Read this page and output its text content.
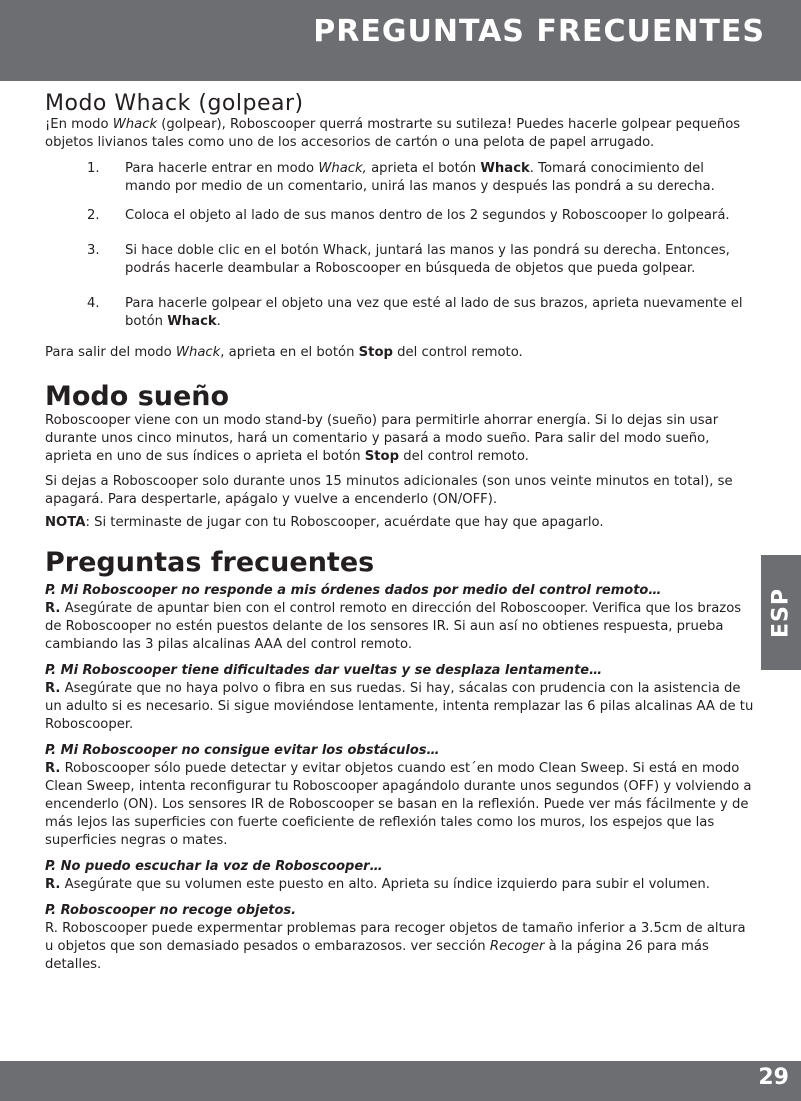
PREGUNTAS FRECUENTES
ESP
Modo Whack (golpear)

¡En modo Whack (golpear), Roboscooper querrá mostrarte su sutileza! Puedes hacerle golpear pequeños objetos livianos tales como uno de los accesorios de cartón o una pelota de papel arrugado.

1.	Para hacerle entrar en modo Whack, aprieta el botón Whack. Tomará conocimiento del mando por medio de un comentario, unirá las manos y después las pondrá a su derecha.
2.	Coloca el objeto al lado de sus manos dentro de los 2 segundos y Roboscooper lo golpeará.
3.	Si hace doble clic en el botón Whack, juntará las manos y las pondrá su derecha. Entonces, podrás hacerle deambular a Roboscooper en búsqueda de objetos que pueda golpear.
4.	Para hacerle golpear el objeto una vez que esté al lado de sus brazos, aprieta nuevamente el botón Whack.

Para salir del modo Whack, aprieta en el botón Stop del control remoto.

Modo sueño

Roboscooper viene con un modo stand-by (sueño) para permitirle ahorrar energía. Si lo dejas sin usar durante unos cinco minutos, hará un comentario y pasará a modo sueño. Para salir del modo sueño, aprieta en uno de sus índices o aprieta el botón Stop del control remoto.

Si dejas a Roboscooper solo durante unos 15 minutos adicionales (son unos veinte minutos en total), se apagará. Para despertarle, apágalo y vuelve a encenderlo (ON/OFF).

NOTA: Si terminaste de jugar con tu Roboscooper, acuérdate que hay que apagarlo.

Preguntas frecuentes

P. Mi Roboscooper no responde a mis órdenes dados por medio del control remoto…

R. Asegúrate de apuntar bien con el control remoto en dirección del Roboscooper. Verifica que los brazos de Roboscooper no estén puestos delante de los sensores IR. Si aun así no obtienes respuesta, prueba cambiando las 3 pilas alcalinas AAA del control remoto.

P. Mi Roboscooper tiene dificultades dar vueltas y se desplaza lentamente…

R. Asegúrate que no haya polvo o fibra en sus ruedas. Si hay, sácalas con prudencia con la asistencia de un adulto si es necesario. Si sigue moviéndose lentamente, intenta remplazar las 6 pilas alcalinas AA de tu Roboscooper.

P. Mi Roboscooper no consigue evitar los obstáculos…

R. Roboscooper sólo puede detectar y evitar objetos cuando est´en modo Clean Sweep. Si está en modo Clean Sweep, intenta reconfigurar tu Roboscooper apagándolo durante unos segundos (OFF) y volviendo a encenderlo (ON). Los sensores IR de Roboscooper se basan en la reflexión. Puede ver más fácilmente y de más lejos las superficies con fuerte coeficiente de reflexión tales como los muros, los espejos que las superficies negras o mates.

P. No puedo escuchar la voz de Roboscooper…

R. Asegúrate que su volumen este puesto en alto. Aprieta su índice izquierdo para subir el volumen.

P. Roboscooper no recoge objetos.

R. Roboscooper puede expermentar problemas para recoger objetos de tamaño inferior a 3.5cm de altura u objetos que son demasiado pesados o embarazosos. ver sección Recoger à la página 26 para más detalles.

29
